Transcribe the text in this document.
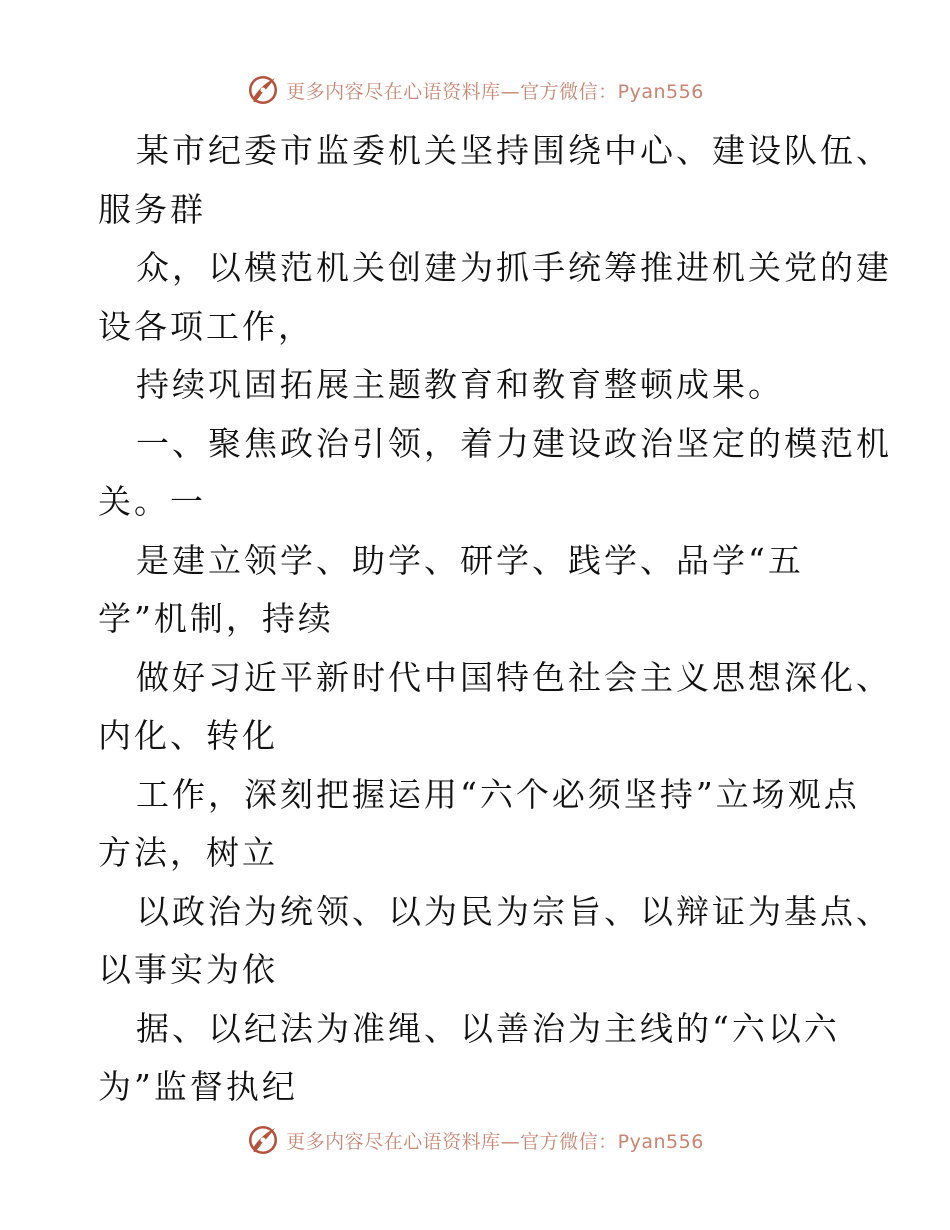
更多内容尽在心语资料库—官方微信：Pyan556
某市纪委市监委机关坚持围绕中心、建设队伍、
服务群
众，以模范机关创建为抓手统筹推进机关党的建
设各项工作，
持续巩固拓展主题教育和教育整顿成果。
一、聚焦政治引领，着力建设政治坚定的模范机
关。一
是建立领学、助学、研学、践学、品学“五
学”机制，持续
做好习近平新时代中国特色社会主义思想深化、
内化、转化
工作，深刻把握运用“六个必须坚持”立场观点
方法，树立
以政治为统领、以为民为宗旨、以辩证为基点、
以事实为依
据、以纪法为准绳、以善治为主线的“六以六
为”监督执纪
更多内容尽在心语资料库—官方微信：Pyan556
